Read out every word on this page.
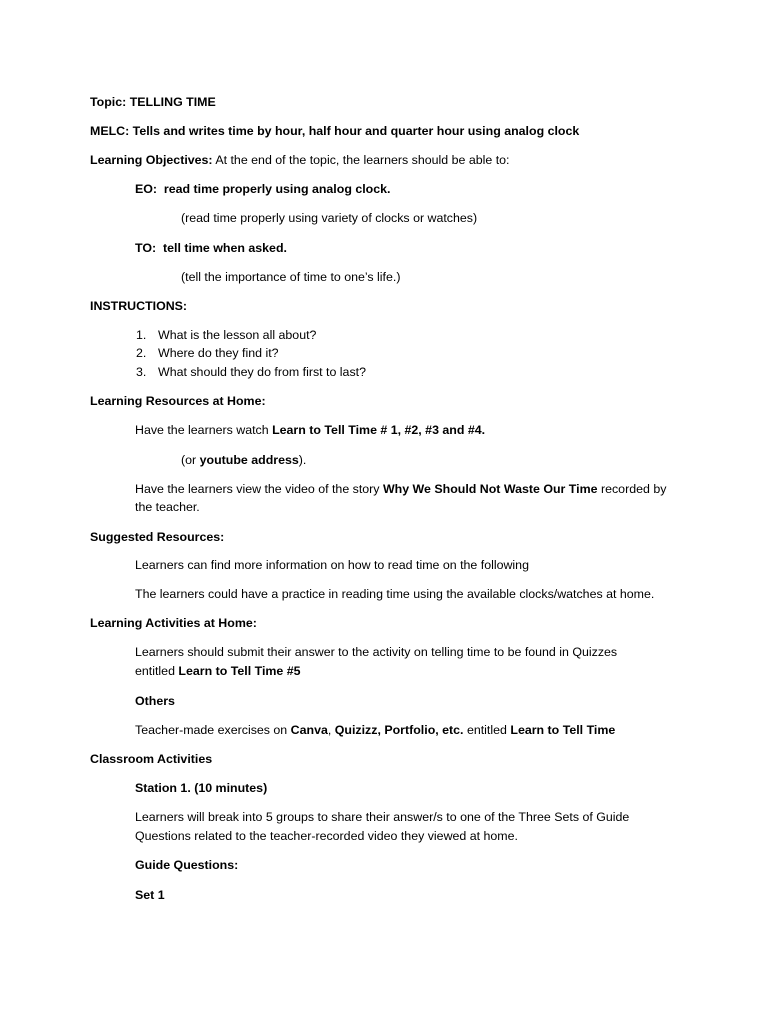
Topic: TELLING TIME
MELC: Tells and writes time by hour, half hour and quarter hour using analog clock
Learning Objectives: At the end of the topic, the learners should be able to:
EO: read time properly using analog clock.
(read time properly using variety of clocks or watches)
TO: tell time when asked.
(tell the importance of time to one’s life.)
INSTRUCTIONS:
1. What is the lesson all about?
2. Where do they find it?
3. What should they do from first to last?
Learning Resources at Home:
Have the learners watch Learn to Tell Time # 1, #2, #3 and #4.
(or youtube address).
Have the learners view the video of the story Why We Should Not Waste Our Time recorded by
the teacher.
Suggested Resources:
Learners can find more information on how to read time on the following
The learners could have a practice in reading time using the available clocks/watches at home.
Learning Activities at Home:
Learners should submit their answer to the activity on telling time to be found in Quizzes
entitled Learn to Tell Time #5
Others
Teacher-made exercises on Canva, Quizizz, Portfolio, etc. entitled Learn to Tell Time
Classroom Activities
Station 1. (10 minutes)
Learners will break into 5 groups to share their answer/s to one of the Three Sets of Guide
Questions related to the teacher-recorded video they viewed at home.
Guide Questions:
Set 1
